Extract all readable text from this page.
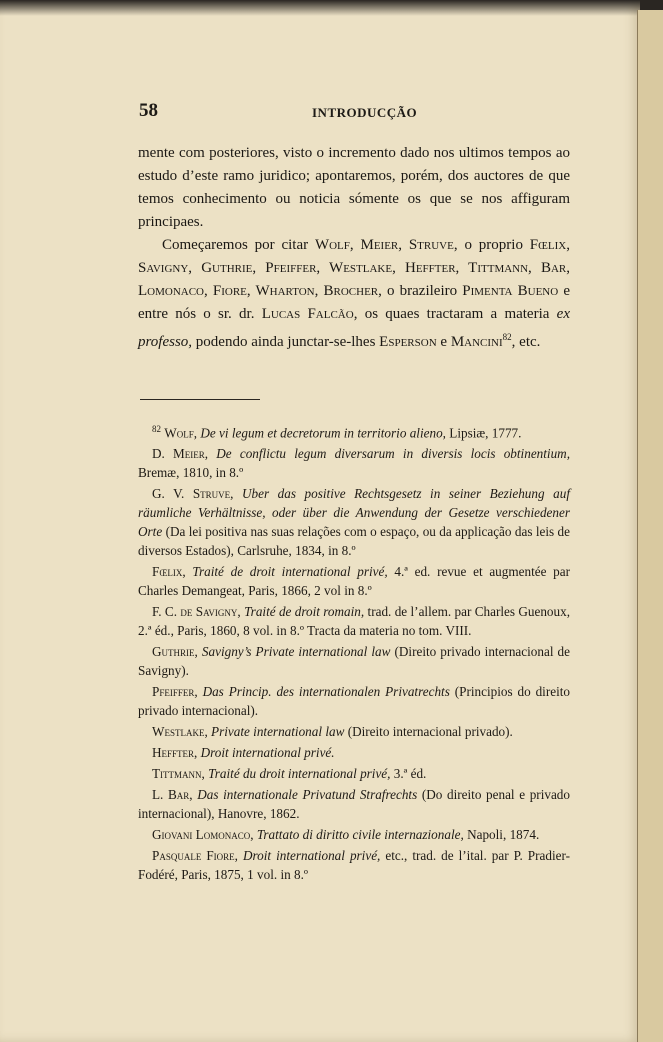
58	INTRODUCÇÃO

mente com posteriores, visto o incremento dado nos ultimos tempos ao estudo d’este ramo juridico; apontaremos, porém, dos auctores de que temos conhecimento ou noticia sómente os que se nos affiguram principaes.

Começaremos por citar Wolf, Meier, Struve, o proprio Fœlix, Savigny, Guthrie, Pfeiffer, Westlake, Heffter, Tittmann, Bar, Lomonaco, Fiore, Wharton, Brocher, o brazileiro Pimenta Bueno e entre nós o sr. dr. Lucas Falcão, os quaes tractaram a materia ex professo, podendo ainda junctar-se-lhes Esperson e Mancini$^{82}$, etc.

$^{82}$ Wolf, De vi legum et decretorum in territorio alieno, Lipsiæ, 1777.

D. Meier, De conflictu legum diversarum in diversis locis obtinentium, Bremæ, 1810, in 8.º

G. V. Struve, Uber das positive Rechtsgesetz in seiner Beziehung auf räumliche Verhältnisse, oder über die Anwendung der Gesetze verschiedener Orte (Da lei positiva nas suas relações com o espaço, ou da applicação das leis de diversos Estados), Carlsruhe, 1834, in 8.º

Fœlix, Traité de droit international privé, 4.ª ed. revue et augmentée par Charles Demangeat, Paris, 1866, 2 vol in 8.º

F. C. de Savigny, Traité de droit romain, trad. de l’allem. par Charles Guenoux, 2.ª éd., Paris, 1860, 8 vol. in 8.º Tracta da materia no tom. VIII.

Guthrie, Savigny’s Private international law (Direito privado internacional de Savigny).

Pfeiffer, Das Princip. des internationalen Privatrechts (Principios do direito privado internacional).

Westlake, Private international law (Direito internacional privado).

Heffter, Droit international privé.

Tittmann, Traité du droit international privé, 3.ª éd.

L. Bar, Das internationale Privatund Strafrechts (Do direito penal e privado internacional), Hanovre, 1862.

Giovani Lomonaco, Trattato di diritto civile internazionale, Napoli, 1874.

Pasquale Fiore, Droit international privé, etc., trad. de l’ital. par P. Pradier-Fodéré, Paris, 1875, 1 vol. in 8.º
